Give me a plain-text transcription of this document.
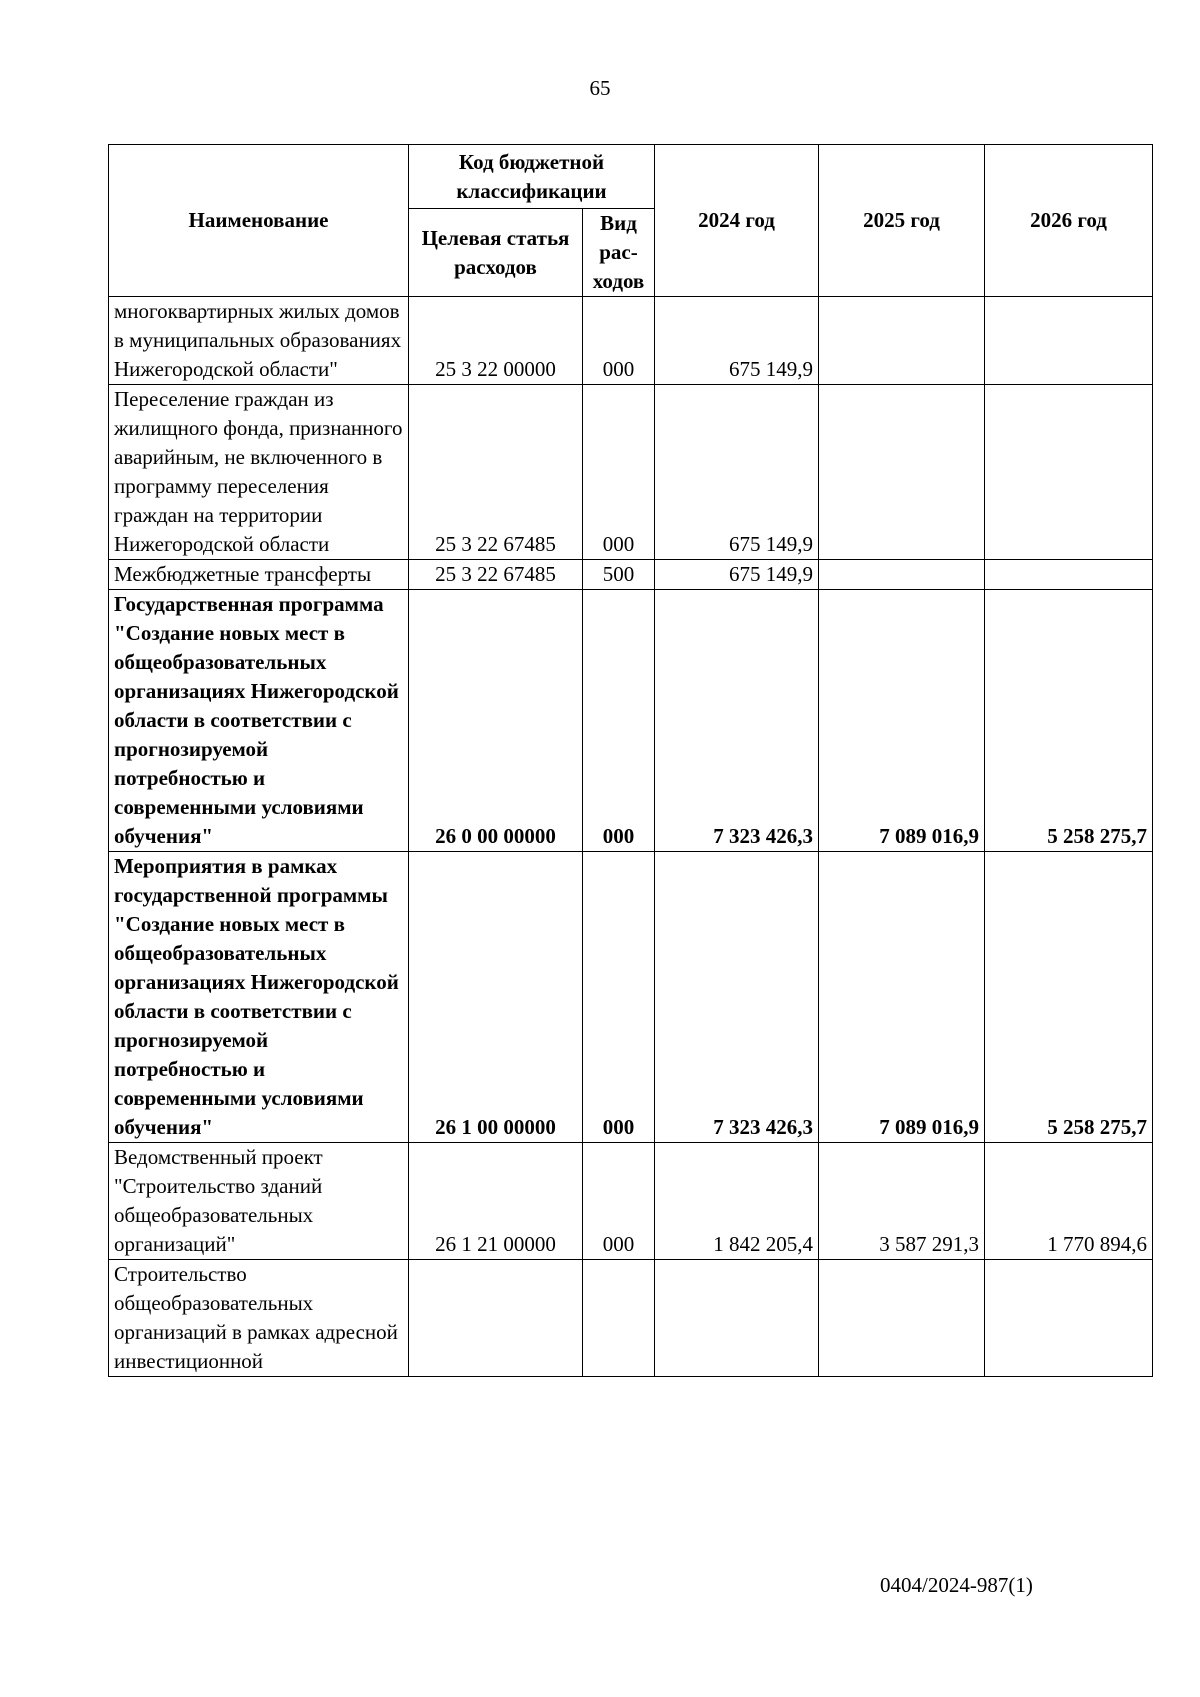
65
Наименование	Код бюджетной классификации		2024 год	2025 год	2026 год
	Целевая статья расходов	Вид рас-ходов			
многоквартирных жилых домов в муниципальных образованиях Нижегородской области"	25 3 22 00000	000	675 149,9		
Переселение граждан из жилищного фонда, признанного аварийным, не включенного в программу переселения граждан на территории Нижегородской области	25 3 22 67485	000	675 149,9		
Межбюджетные трансферты	25 3 22 67485	500	675 149,9		
Государственная программа "Создание новых мест в общеобразовательных организациях Нижегородской области в соответствии с прогнозируемой потребностью и современными условиями обучения"	26 0 00 00000	000	7 323 426,3	7 089 016,9	5 258 275,7
Мероприятия в рамках государственной программы "Создание новых мест в общеобразовательных организациях Нижегородской области в соответствии с прогнозируемой потребностью и современными условиями обучения"	26 1 00 00000	000	7 323 426,3	7 089 016,9	5 258 275,7
Ведомственный проект "Строительство зданий общеобразовательных организаций"	26 1 21 00000	000	1 842 205,4	3 587 291,3	1 770 894,6
Строительство общеобразовательных организаций в рамках адресной инвестиционной					
0404/2024-987(1)
